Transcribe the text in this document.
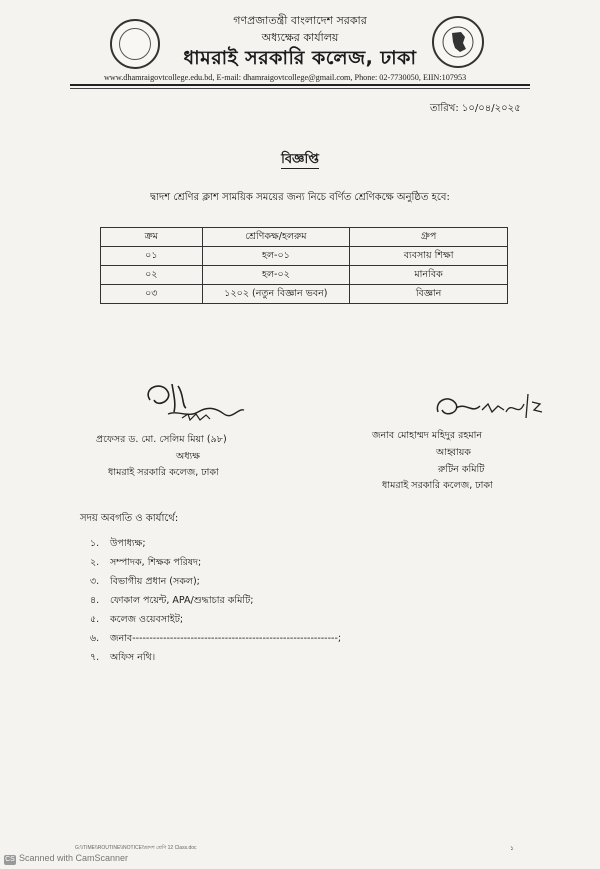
গণপ্রজাতন্ত্রী বাংলাদেশ সরকার
অধ্যক্ষের কার্যালয়
ধামরাই সরকারি কলেজ, ঢাকা
www.dhamraigovtcollege.edu.bd, E-mail: dhamraigovtcollege@gmail.com, Phone: 02-7730050, EIIN:107953
তারিখ: ১০/০৪/২০২৫
বিজ্ঞপ্তি
দ্বাদশ শ্রেণির ক্লাশ সাময়িক সময়ের জন্য নিচে বর্ণিত শ্রেণিকক্ষে অনুষ্ঠিত হবে:
ক্রম	শ্রেণিকক্ষ/হলরুম	গ্রুপ
০১	হল-০১	ব্যবসায় শিক্ষা
০২	হল-০২	মানবিক
০৩	১২০২ (নতুন বিজ্ঞান ভবন)	বিজ্ঞান
প্রফেসর ড. মো. সেলিম মিয়া (৯৮)
অধ্যক্ষ
ধামরাই সরকারি কলেজ, ঢাকা
জনাব মোহাম্মদ মহিদুর রহমান
আহ্বায়ক
রুটিন কমিটি
ধামরাই সরকারি কলেজ, ঢাকা
সদয় অবগতি ও কার্যার্থে:
১. উপাধ্যক্ষ;
২. সম্পাদক, শিক্ষক পরিষদ;
৩. বিভাগীয় প্রধান (সকল);
৪. ফোকাল পয়েন্ট, APA/শুদ্ধাচার কমিটি;
৫. কলেজ ওয়েবসাইট;
৬. জনাব------------------------------------------------------------;
৭. অফিস নথি।
G:\\TIME\\ROUTINE\\NOTICE\\দ্বাদশ শ্রেণি 12 Class.doc	১
CS Scanned with CamScanner
